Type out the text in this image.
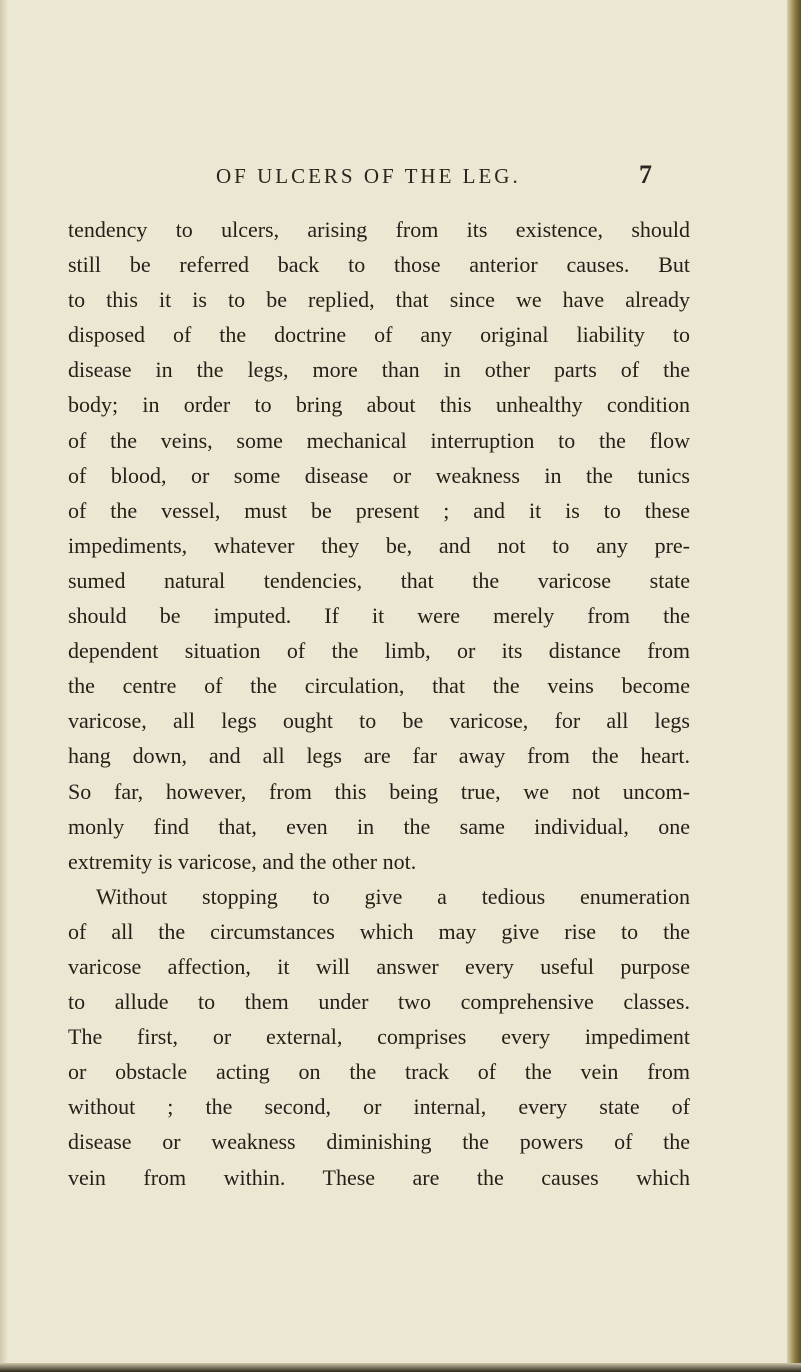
OF ULCERS OF THE LEG.	7
tendency to ulcers, arising from its existence, should
still be referred back to those anterior causes. But
to this it is to be replied, that since we have already
disposed of the doctrine of any original liability to
disease in the legs, more than in other parts of the
body; in order to bring about this unhealthy condition
of the veins, some mechanical interruption to the flow
of blood, or some disease or weakness in the tunics
of the vessel, must be present ; and it is to these
impediments, whatever they be, and not to any pre-
sumed natural tendencies, that the varicose state
should be imputed. If it were merely from the
dependent situation of the limb, or its distance from
the centre of the circulation, that the veins become
varicose, all legs ought to be varicose, for all legs
hang down, and all legs are far away from the heart.
So far, however, from this being true, we not uncom-
monly find that, even in the same individual, one
extremity is varicose, and the other not.
Without stopping to give a tedious enumeration
of all the circumstances which may give rise to the
varicose affection, it will answer every useful purpose
to allude to them under two comprehensive classes.
The first, or external, comprises every impediment
or obstacle acting on the track of the vein from
without ; the second, or internal, every state of
disease or weakness diminishing the powers of the
vein from within. These are the causes which
